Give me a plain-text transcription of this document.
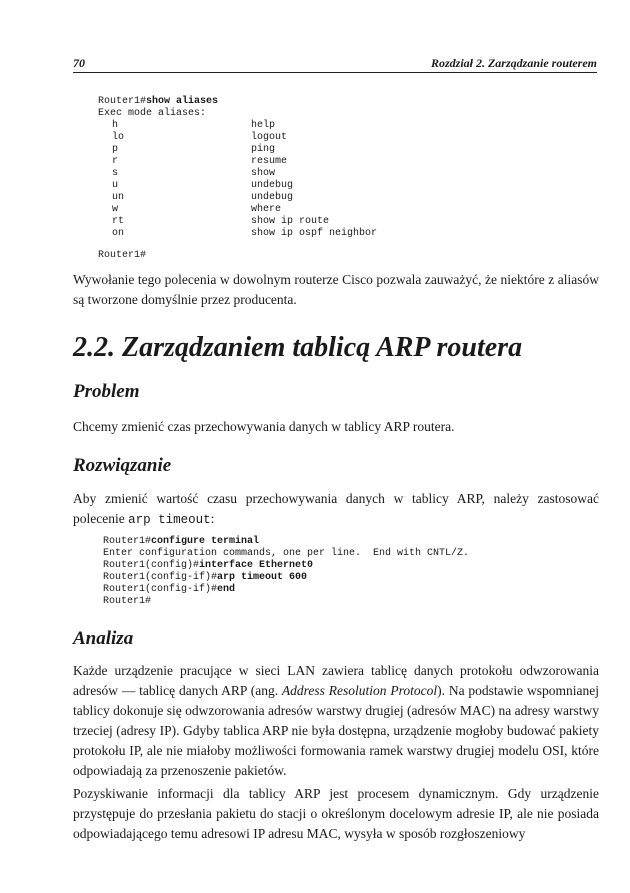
70	Rozdział 2. Zarządzanie routerem
Router1#show aliases
Exec mode aliases:
h	help
lo	logout
p	ping
r	resume
s	show
u	undebug
un	undebug
w	where
rt	show ip route
on	show ip ospf neighbor
Router1#

Wywołanie tego polecenia w dowolnym routerze Cisco pozwala zauważyć, że niektóre z aliasów są tworzone domyślnie przez producenta.

2.2. Zarządzaniem tablicą ARP routera
Problem

Chcemy zmienić czas przechowywania danych w tablicy ARP routera.

Rozwiązanie

Aby zmienić wartość czasu przechowywania danych w tablicy ARP, należy zastosować polecenie arp timeout:

Router1#configure terminal
Enter configuration commands, one per line.  End with CNTL/Z.
Router1(config)#interface Ethernet0
Router1(config-if)#arp timeout 600
Router1(config-if)#end
Router1#
Analiza

Każde urządzenie pracujące w sieci LAN zawiera tablicę danych protokołu odwzorowania adresów — tablicę danych ARP (ang. Address Resolution Protocol). Na podstawie wspomnianej tablicy dokonuje się odwzorowania adresów warstwy drugiej (adresów MAC) na adresy warstwy trzeciej (adresy IP). Gdyby tablica ARP nie była dostępna, urządzenie mogłoby budować pakiety protokołu IP, ale nie miałoby możliwości formowania ramek warstwy drugiej modelu OSI, które odpowiadają za przenoszenie pakietów.

Pozyskiwanie informacji dla tablicy ARP jest procesem dynamicznym. Gdy urządzenie przystępuje do przesłania pakietu do stacji o określonym docelowym adresie IP, ale nie posiada odpowiadającego temu adresowi IP adresu MAC, wysyła w sposób rozgłoszeniowy
